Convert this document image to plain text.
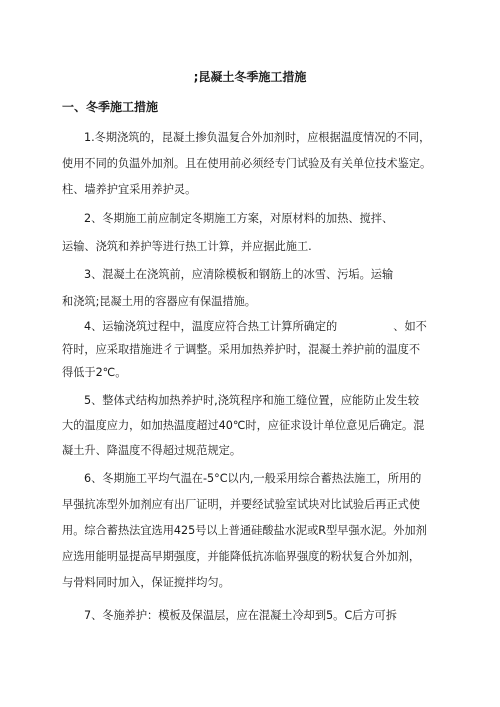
;昆凝土冬季施工措施
一、冬季施工措施
1.冬期浇筑的，昆凝土掺负温复合外加剂时，应根据温度情况的不同，
使用不同的负温外加剂。且在使用前必须经专门试验及有关单位技术鉴定。
柱、墙养护宜采用养护灵。
2、冬期施工前应制定冬期施工方案，对原材料的加热、搅拌、
运输、浇筑和养护等进行热工计算，并应据此施工.
3、混凝土在浇筑前，应清除模板和钢筋上的冰雪、污垢。运输
和浇筑;昆凝土用的容器应有保温措施。
4、运输浇筑过程中，温度应符合热工计算所确定的	、如不
符时，应采取措施进彳亍调整。采用加热养护时，混凝土养护前的温度不
得低于2℃。
5、整体式结构加热养护时,浇筑程序和施工缝位置，应能防止发生较
大的温度应力，如加热温度超过40℃时，应征求设计单位意见后确定。混
凝土升、降温度不得超过规范规定。
6、冬期施工平均气温在-5°C以内,一般采用综合蓄热法施工，所用的
早强抗冻型外加剂应有出厂证明，并要经试验室试块对比试验后再正式使
用。综合蓄热法宜选用425号以上普通硅酸盐水泥或R型早强水泥。外加剂
应选用能明显提高早期强度，并能降低抗冻临界强度的粉状复合外加剂，
与骨料同时加入，保证搅拌均匀。
7、冬施养护：模板及保温层，应在混凝土冷却到5。C后方可拆
